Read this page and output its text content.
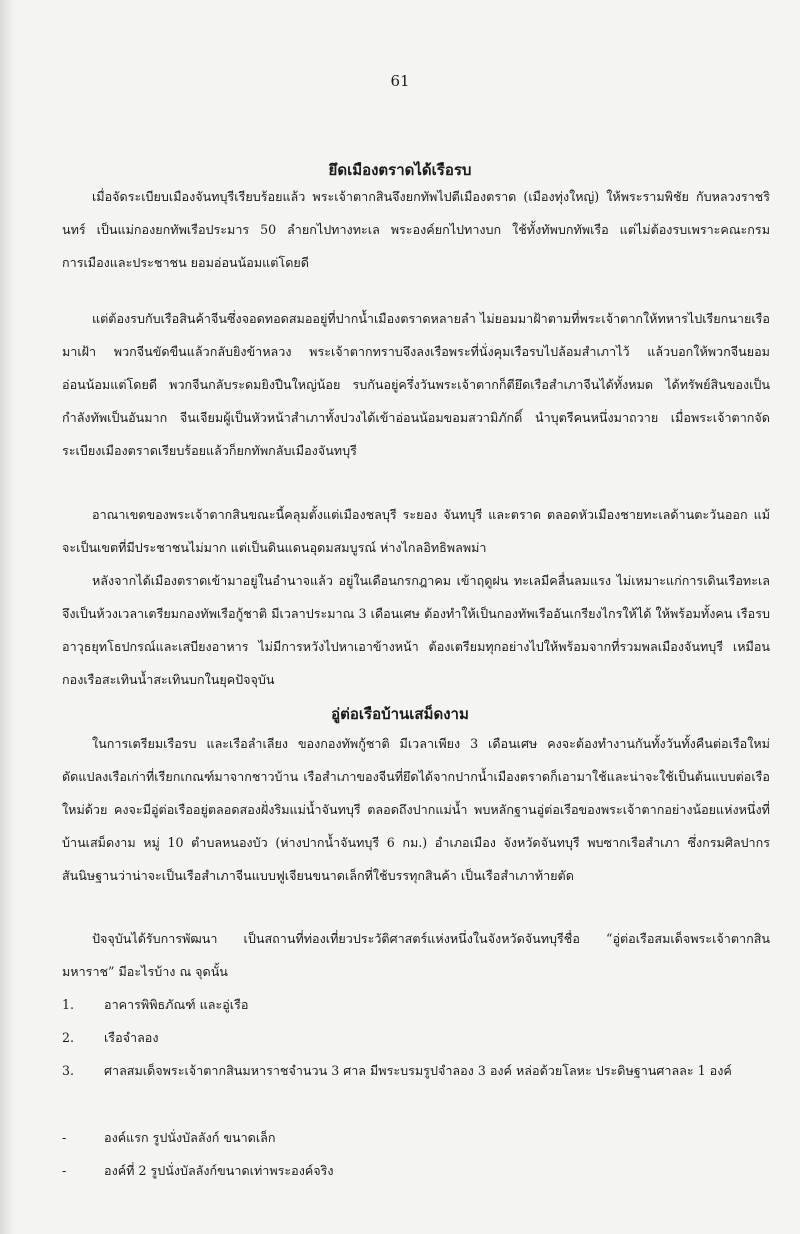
61
ยึดเมืองตราดได้เรือรบ
เมื่อจัดระเบียบเมืองจันทบุรีเรียบร้อยแล้ว พระเจ้าตากสินจึงยกทัพไปตีเมืองตราด (เมืองทุ่งใหญ่) ให้พระรามพิชัย กับหลวงราชรินทร์ เป็นแม่กองยกทัพเรือประมาร 50 ลำยกไปทางทะเล พระองค์ยกไปทางบก ใช้ทั้งทัพบกทัพเรือ แต่ไม่ต้องรบเพราะคณะกรมการเมืองและประชาชน ยอมอ่อนน้อมแต่โดยดี
แต่ต้องรบกับเรือสินค้าจีนซึ่งจอดทอดสมออยู่ที่ปากน้ำเมืองตราดหลายลำ ไม่ยอมมาฝ้าตามที่พระเจ้าตากให้ทหารไปเรียกนายเรือมาเฝ้า พวกจีนขัดขืนแล้วกลับยิงข้าหลวง พระเจ้าตากทราบจึงลงเรือพระที่นั่งคุมเรือรบไปล้อมสำเภาไว้ แล้วบอกให้พวกจีนยอม อ่อนน้อมแต่โดยดี พวกจีนกลับระดมยิงปืนใหญ่น้อย รบกันอยู่ครึ่งวันพระเจ้าตากก็ตียึดเรือสำเภาจีนได้ทั้งหมด ได้ทรัพย์สินของเป็นกำลังทัพเป็นอันมาก จีนเจียมผู้เป็นหัวหน้าสำเภาทั้งปวงได้เข้าอ่อนน้อมขอมสวามิภักดิ์ นำบุตรีคนหนึ่งมาถวาย เมื่อพระเจ้าตากจัดระเบียงเมืองตราดเรียบร้อยแล้วก็ยกทัพกลับเมืองจันทบุรี
อาณาเขตของพระเจ้าตากสินขณะนี้คลุมตั้งแต่เมืองชลบุรี ระยอง จันทบุรี และตราด ตลอดหัวเมืองชายทะเลด้านตะวันออก แม้จะเป็นเขตที่มีประชาชนไม่มาก แต่เป็นดินแดนอุดมสมบูรณ์ ห่างไกลอิทธิพลพม่า
หลังจากได้เมืองตราดเข้ามาอยู่ในอำนาจแล้ว อยู่ในเดือนกรกฎาคม เข้าฤดูฝน ทะเลมีคลื่นลมแรง ไม่เหมาะแก่การเดินเรือทะเล จึงเป็นห้วงเวลาเตรียมกองทัพเรือกู้ชาติ มีเวลาประมาณ 3 เดือนเศษ ต้องทำให้เป็นกองทัพเรืออันเกรียงไกรให้ได้ ให้พร้อมทั้งคน เรือรบ อาวุธยุทโธปกรณ์และเสบียงอาหาร ไม่มีการหวังไปหาเอาข้างหน้า ต้องเตรียมทุกอย่างไปให้พร้อมจากที่รวมพลเมืองจันทบุรี เหมือนกองเรือสะเทินน้ำสะเทินบกในยุคปัจจุบัน
อู่ต่อเรือบ้านเสม็ดงาม
ในการเตรียมเรือรบ และเรือลำเลียง ของกองทัพกู้ชาติ มีเวลาเพียง 3 เดือนเศษ คงจะต้องทำงานกันทั้งวันทั้งคืนต่อเรือใหม่ ดัดแปลงเรือเก่าที่เรียกเกณฑ์มาจากชาวบ้าน เรือสำเภาของจีนที่ยึดได้จากปากน้ำเมืองตราดก็เอามาใช้และน่าจะใช้เป็นต้นแบบต่อเรือใหม่ด้วย คงจะมีอู่ต่อเรืออยู่ตลอดสองฝั่งริมแม่น้ำจันทบุรี ตลอดถึงปากแม่น้ำ พบหลักฐานอู่ต่อเรือของพระเจ้าตากอย่างน้อยแห่งหนึ่งที่บ้านเสม็ดงาม หมู่ 10 ตำบลหนองบัว (ห่างปากน้ำจันทบุรี 6 กม.) อำเภอเมือง จังหวัดจันทบุรี พบซากเรือสำเภา ซึ่งกรมศิลปากรสันนิษฐานว่าน่าจะเป็นเรือสำเภาจีนแบบฟูเจียนขนาดเล็กที่ใช้บรรทุกสินค้า เป็นเรือสำเภาท้ายตัด
ปัจจุบันได้รับการพัฒนา เป็นสถานที่ท่องเที่ยวประวัติศาสตร์แห่งหนึ่งในจังหวัดจันทบุรีชื่อ “อู่ต่อเรือสมเด็จพระเจ้าตากสินมหาราช” มีอะไรบ้าง ณ จุดนั้น
1.	อาคารพิพิธภัณฑ์ และอู่เรือ
2.	เรือจำลอง
3.	ศาลสมเด็จพระเจ้าตากสินมหาราชจำนวน 3 ศาล มีพระบรมรูปจำลอง 3 องค์ หล่อด้วยโลหะ ประดิษฐานศาลละ 1 องค์
-	องค์แรก รูปนั่งบัลลังก์ ขนาดเล็ก
-	องค์ที่ 2 รูปนั่งบัลลังก์ขนาดเท่าพระองค์จริง
